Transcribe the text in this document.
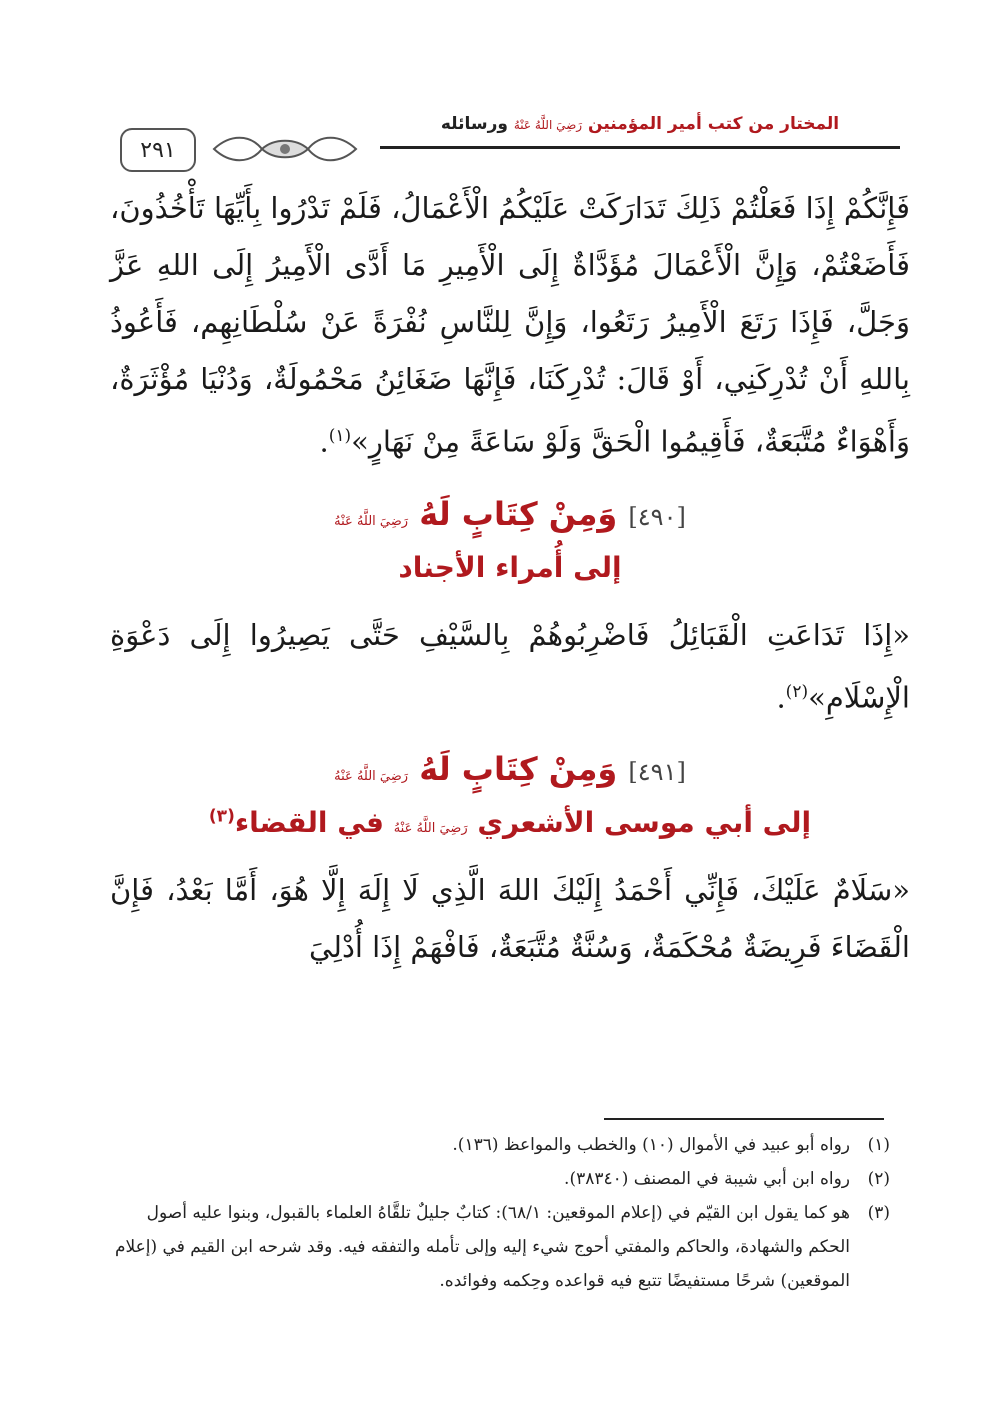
٢٩١
المختار من كتب أمير المؤمنين رَضِيَ اللَّهُ عَنْهُ ورسائله

فَإِنَّكُمْ إِذَا فَعَلْتُمْ ذَلِكَ تَدَارَكَتْ عَلَيْكُمُ الْأَعْمَالُ، فَلَمْ تَدْرُوا بِأَيِّهَا تَأْخُذُونَ، فَأَضَعْتُمْ، وَإِنَّ الْأَعْمَالَ مُؤَدَّاةٌ إِلَى الْأَمِيرِ مَا أَدَّى الْأَمِيرُ إِلَى اللهِ عَزَّ وَجَلَّ، فَإِذَا رَتَعَ الْأَمِيرُ رَتَعُوا، وَإِنَّ لِلنَّاسِ نُفْرَةً عَنْ سُلْطَانِهِم، فَأَعُوذُ بِاللهِ أَنْ تُدْرِكَنِي، أَوْ قَالَ: تُدْرِكَنَا، فَإِنَّهَا ضَغَائِنُ مَحْمُولَةٌ، وَدُنْيَا مُؤْثَرَةٌ، وَأَهْوَاءٌ مُتَّبَعَةٌ، فَأَقِيمُوا الْحَقَّ وَلَوْ سَاعَةً مِنْ نَهَارٍ»$^{(١)}$.

[٤٩٠] وَمِنْ كِتَابٍ لَهُ رَضِيَ اللَّهُ عَنْهُ

إلى أُمراء الأجناد

«إِذَا تَدَاعَتِ الْقَبَائِلُ فَاضْرِبُوهُمْ بِالسَّيْفِ حَتَّى يَصِيرُوا إِلَى دَعْوَةِ الْإِسْلَامِ»$^{(٢)}$.

[٤٩١] وَمِنْ كِتَابٍ لَهُ رَضِيَ اللَّهُ عَنْهُ

إلى أبي موسى الأشعري رَضِيَ اللَّهُ عَنْهُ في القضاء$^{(٣)}$

«سَلَامٌ عَلَيْكَ، فَإِنِّي أَحْمَدُ إِلَيْكَ اللهَ الَّذِي لَا إِلَهَ إِلَّا هُوَ، أَمَّا بَعْدُ، فَإِنَّ الْقَضَاءَ فَرِيضَةٌ مُحْكَمَةٌ، وَسُنَّةٌ مُتَّبَعَةٌ، فَافْهَمْ إِذَا أُدْلِيَ

(١)
رواه أبو عبيد في الأموال (١٠) والخطب والمواعظ (١٣٦).

(٢)
رواه ابن أبي شيبة في المصنف (٣٨٣٤٠).

(٣)
هو كما يقول ابن القيّم في (إعلام الموقعين: ٦٨/١): كتابٌ جليلٌ تلقَّاهُ العلماء بالقبول، وبنوا عليه أصول الحكم والشهادة، والحاكم والمفتي أحوج شيء إليه وإلى تأمله والتفقه فيه. وقد شرحه ابن القيم في (إعلام الموقعين) شرحًا مستفيضًا تتبع فيه قواعده وحِكمه وفوائده.
